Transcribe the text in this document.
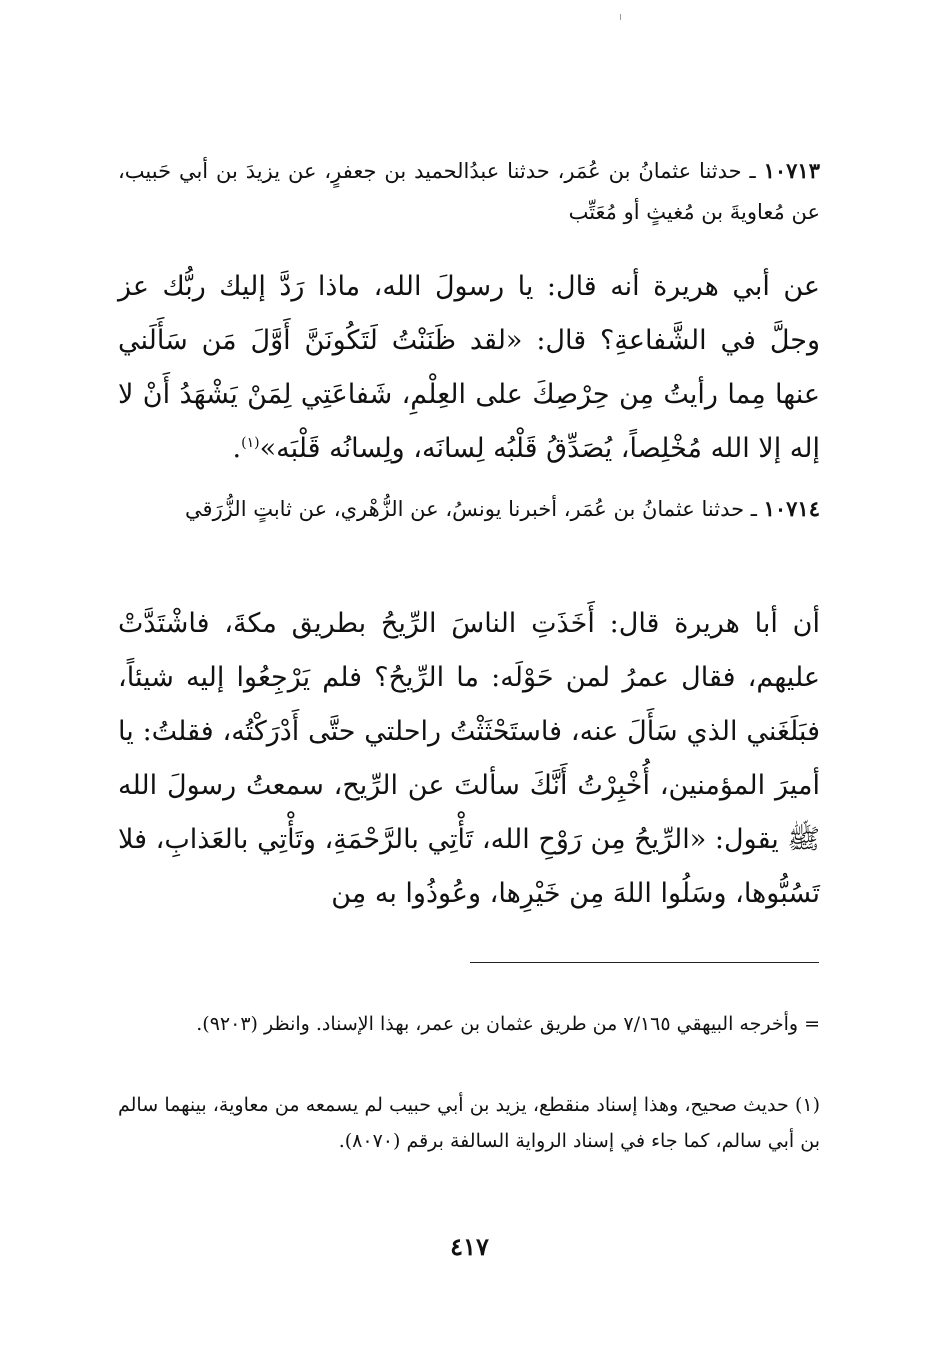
١٠٧١٣ ـ حدثنا عثمانُ بن عُمَر، حدثنا عبدُالحميد بن جعفرٍ، عن يزيدَ بن أبي حَبيب، عن مُعاويةَ بن مُغيثٍ أو مُعَتِّب
عن أبي هريرة أنه قال: يا رسولَ الله، ماذا رَدَّ إليك ربُّك عز وجلَّ في الشَّفاعةِ؟ قال: «لقد ظَنَنْتُ لَتَكُونَنَّ أَوَّلَ مَن سَأَلَني عنها مِما رأيتُ مِن حِرْصِكَ على العِلْمِ، شَفاعَتِي لِمَنْ يَشْهَدُ أَنْ لا إله إلا الله مُخْلِصاً، يُصَدِّقُ قَلْبُه لِسانَه، ولِسانُه قَلْبَه»$^{(١)}$.
١٠٧١٤ ـ حدثنا عثمانُ بن عُمَر، أخبرنا يونسُ، عن الزُّهْري، عن ثابتٍ الزُّرَقي
أن أبا هريرة قال: أَخَذَتِ الناسَ الرِّيحُ بطريق مكةَ، فاشْتَدَّتْ عليهم، فقال عمرُ لمن حَوْلَه: ما الرِّيحُ؟ فلم يَرْجِعُوا إليه شيئاً، فبَلَغَني الذي سَأَلَ عنه، فاستَحْثَثْتُ راحلتي حتَّى أَدْرَكْتُه، فقلتُ: يا أميرَ المؤمنين، أُخْبِرْتُ أَنَّكَ سألتَ عن الرِّيح، سمعتُ رسولَ الله ﷺ يقول: «الرِّيحُ مِن رَوْحِ الله، تَأْتِي بالرَّحْمَةِ، وتَأْتِي بالعَذابِ، فلا تَسُبُّوها، وسَلُوا اللهَ مِن خَيْرِها، وعُوذُوا به مِن
= وأخرجه البيهقي ٧/١٦٥ من طريق عثمان بن عمر، بهذا الإسناد. وانظر (٩٢٠٣).
(١) حديث صحيح، وهذا إسناد منقطع، يزيد بن أبي حبيب لم يسمعه من معاوية، بينهما سالم بن أبي سالم، كما جاء في إسناد الرواية السالفة برقم (٨٠٧٠).
٤١٧
